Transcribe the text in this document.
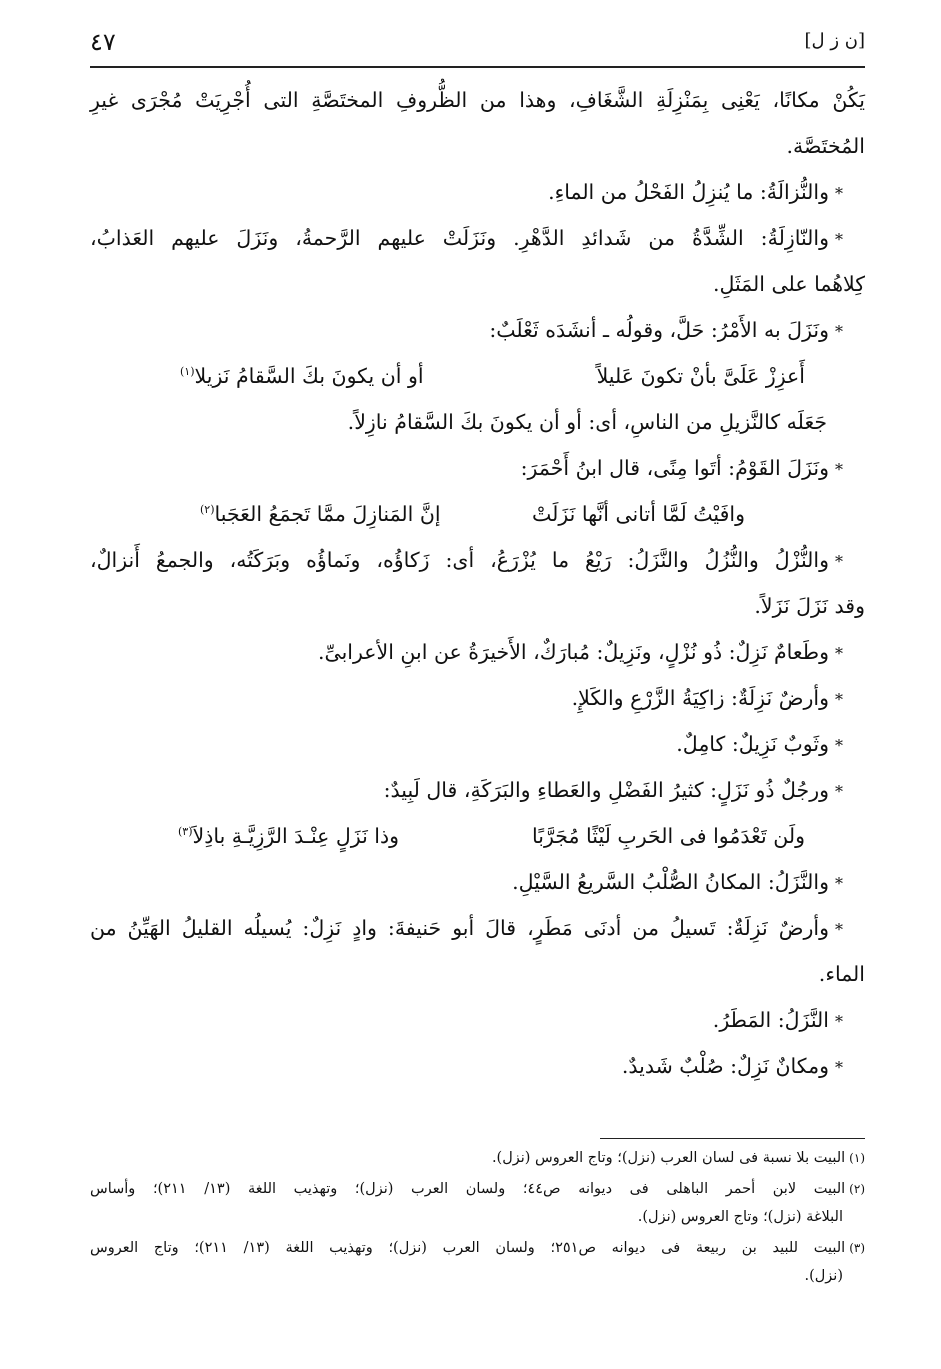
٤٧	[ن ز ل]
يَكُنْ مكانًا، يَعْنِى بِمَنْزِلَةِ الشَّغَافِ، وهذا من الظُّروفِ المختَصَّةِ التى أُجْرِيَتْ مُجْرَى غيرِ
المُختَصَّة.
*والنُّزالَةُ: ما يُنزِلُ الفَحْلُ من الماءِ.
*والنّازِلَةُ: الشِّدَّةُ من شَدائدِ الدَّهْرِ. ونَزَلَتْ عليهم الرَّحمةُ، ونَزَلَ عليهم العَذابُ،
كِلاهُما على المَثَلِ.
*ونَزَلَ به الأَمْرُ: حَلَّ، وقولُه ـ أنشَدَه ثَعْلَبٌ:
أَعزِزْ عَلَىَّ بأنْ تكونَ عَليلاً
أو أن يكونَ بكَ السَّقامُ نَزيلا$^{(١)}$
جَعَلَه كالنَّزيلِ من الناسِ، أى: أو أن يكونَ بكَ السَّقامُ نازِلاً.
*ونَزَلَ القَوْمُ: أتَوا مِنًى، قال ابنُ أَحْمَرَ:
وافَيْتُ لَمَّا أتانى أنَّها نَزَلَتْ
إنَّ المَنازِلَ ممَّا تَجمَعُ العَجَبا$^{(٢)}$
*والنُّزْلُ والنُّزُلُ والنَّزَلُ: رَيْعُ ما يُزْرَعُ، أى: زَكاؤُه، ونَماؤُه وبَرَكَتُه، والجمعُ أَنزالٌ،
وقد نَزَلَ نَزَلاً.
*وطَعامٌ نَزِلٌ: ذُو نُزْلٍ، ونَزِيلٌ: مُبارَكٌ، الأَخيرَةُ عن ابنِ الأعرابىِّ.
*وأرضٌ نَزِلَةٌ: زاكِيَةُ الزَّرْعِ والكَلإِ.
*وثَوبٌ نَزِيلٌ: كامِلٌ.
*ورجُلٌ ذُو نَزَلٍ: كثيرُ الفَضْلِ والعَطاءِ والبَرَكَةِ، قال لَبِيدٌ:
ولَن تَعْدَمُوا فى الحَربِ لَيْثًا مُجَرَّبًا
وذا نَزَلٍ عِنْـدَ الرَّزِيَّـةِ باذِلاَ$^{(٣)}$
*والنَّزَلُ: المكانُ الصُّلْبُ السَّريعُ السَّيْلِ.
*وأرضٌ نَزِلَةٌ: تَسيلُ من أدنَى مَطَرٍ، قالَ أبو حَنيفةَ: وادٍ نَزِلٌ: يُسيلُه القليلُ الهَيِّنُ من
الماء.
*النَّزَلُ: المَطَرُ.
*ومكانٌ نَزِلٌ: صُلْبٌ شَديدٌ.
(١)البيت بلا نسبة فى لسان العرب (نزل)؛ وتاج العروس (نزل).
(٢)البيت لابن أحمر الباهلى فى ديوانه ص٤٤؛ ولسان العرب (نزل)؛ وتهذيب اللغة (١٣/ ٢١١)؛ وأساس
البلاغة (نزل)؛ وتاج العروس (نزل).
(٣)البيت للبيد بن ربيعة فى ديوانه ص٢٥١؛ ولسان العرب (نزل)؛ وتهذيب اللغة (١٣/ ٢١١)؛ وتاج العروس
(نزل).
